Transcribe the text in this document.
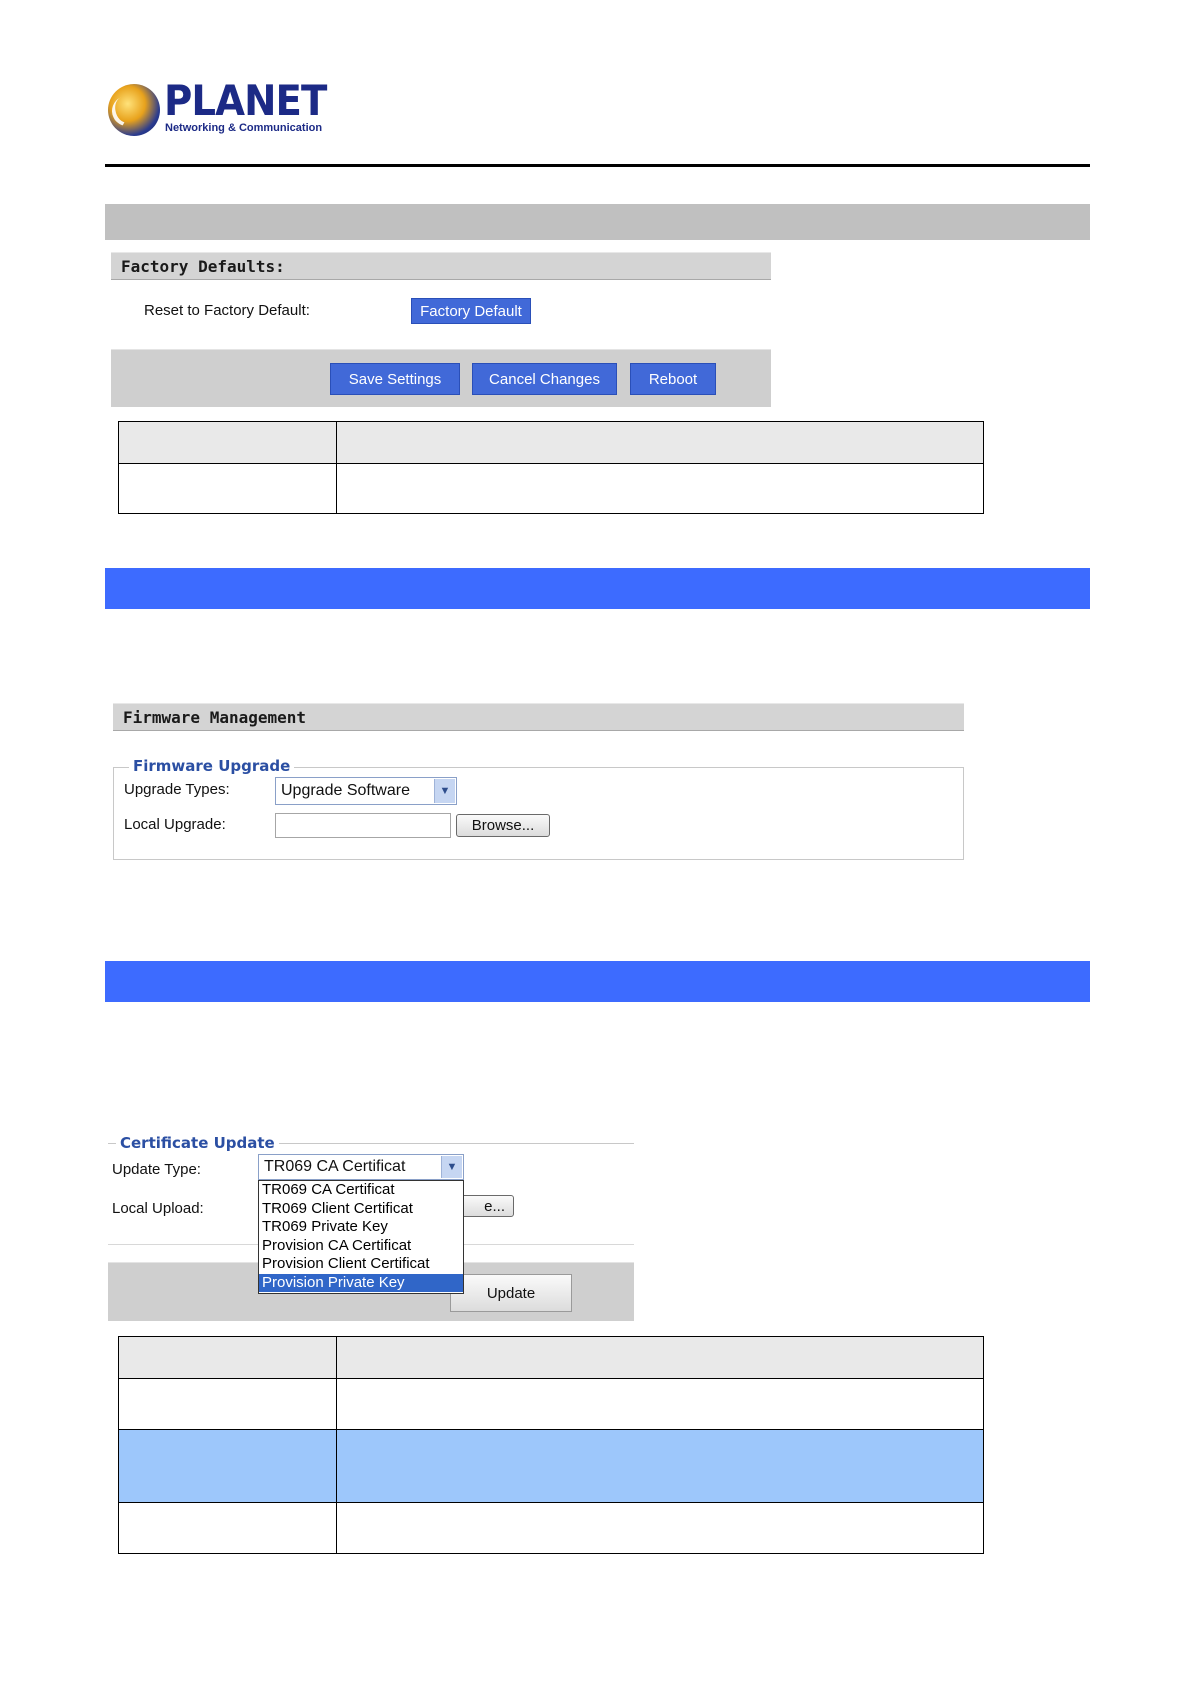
PLANET
Networking & Communication
Factory Defaults:
Reset to Factory Default:	Factory Default
Save Settings	Cancel Changes	Reboot

Firmware Management
Firmware Upgrade
Upgrade Types:	Upgrade Software	▼
Local Upgrade:	Browse...
Certificate Update
Update Type:	TR069 CA Certificat	▼
Local Upload:	e...
Update
TR069 CA Certificat
TR069 Client Certificat
TR069 Private Key
Provision CA Certificat
Provision Client Certificat
Provision Private Key
